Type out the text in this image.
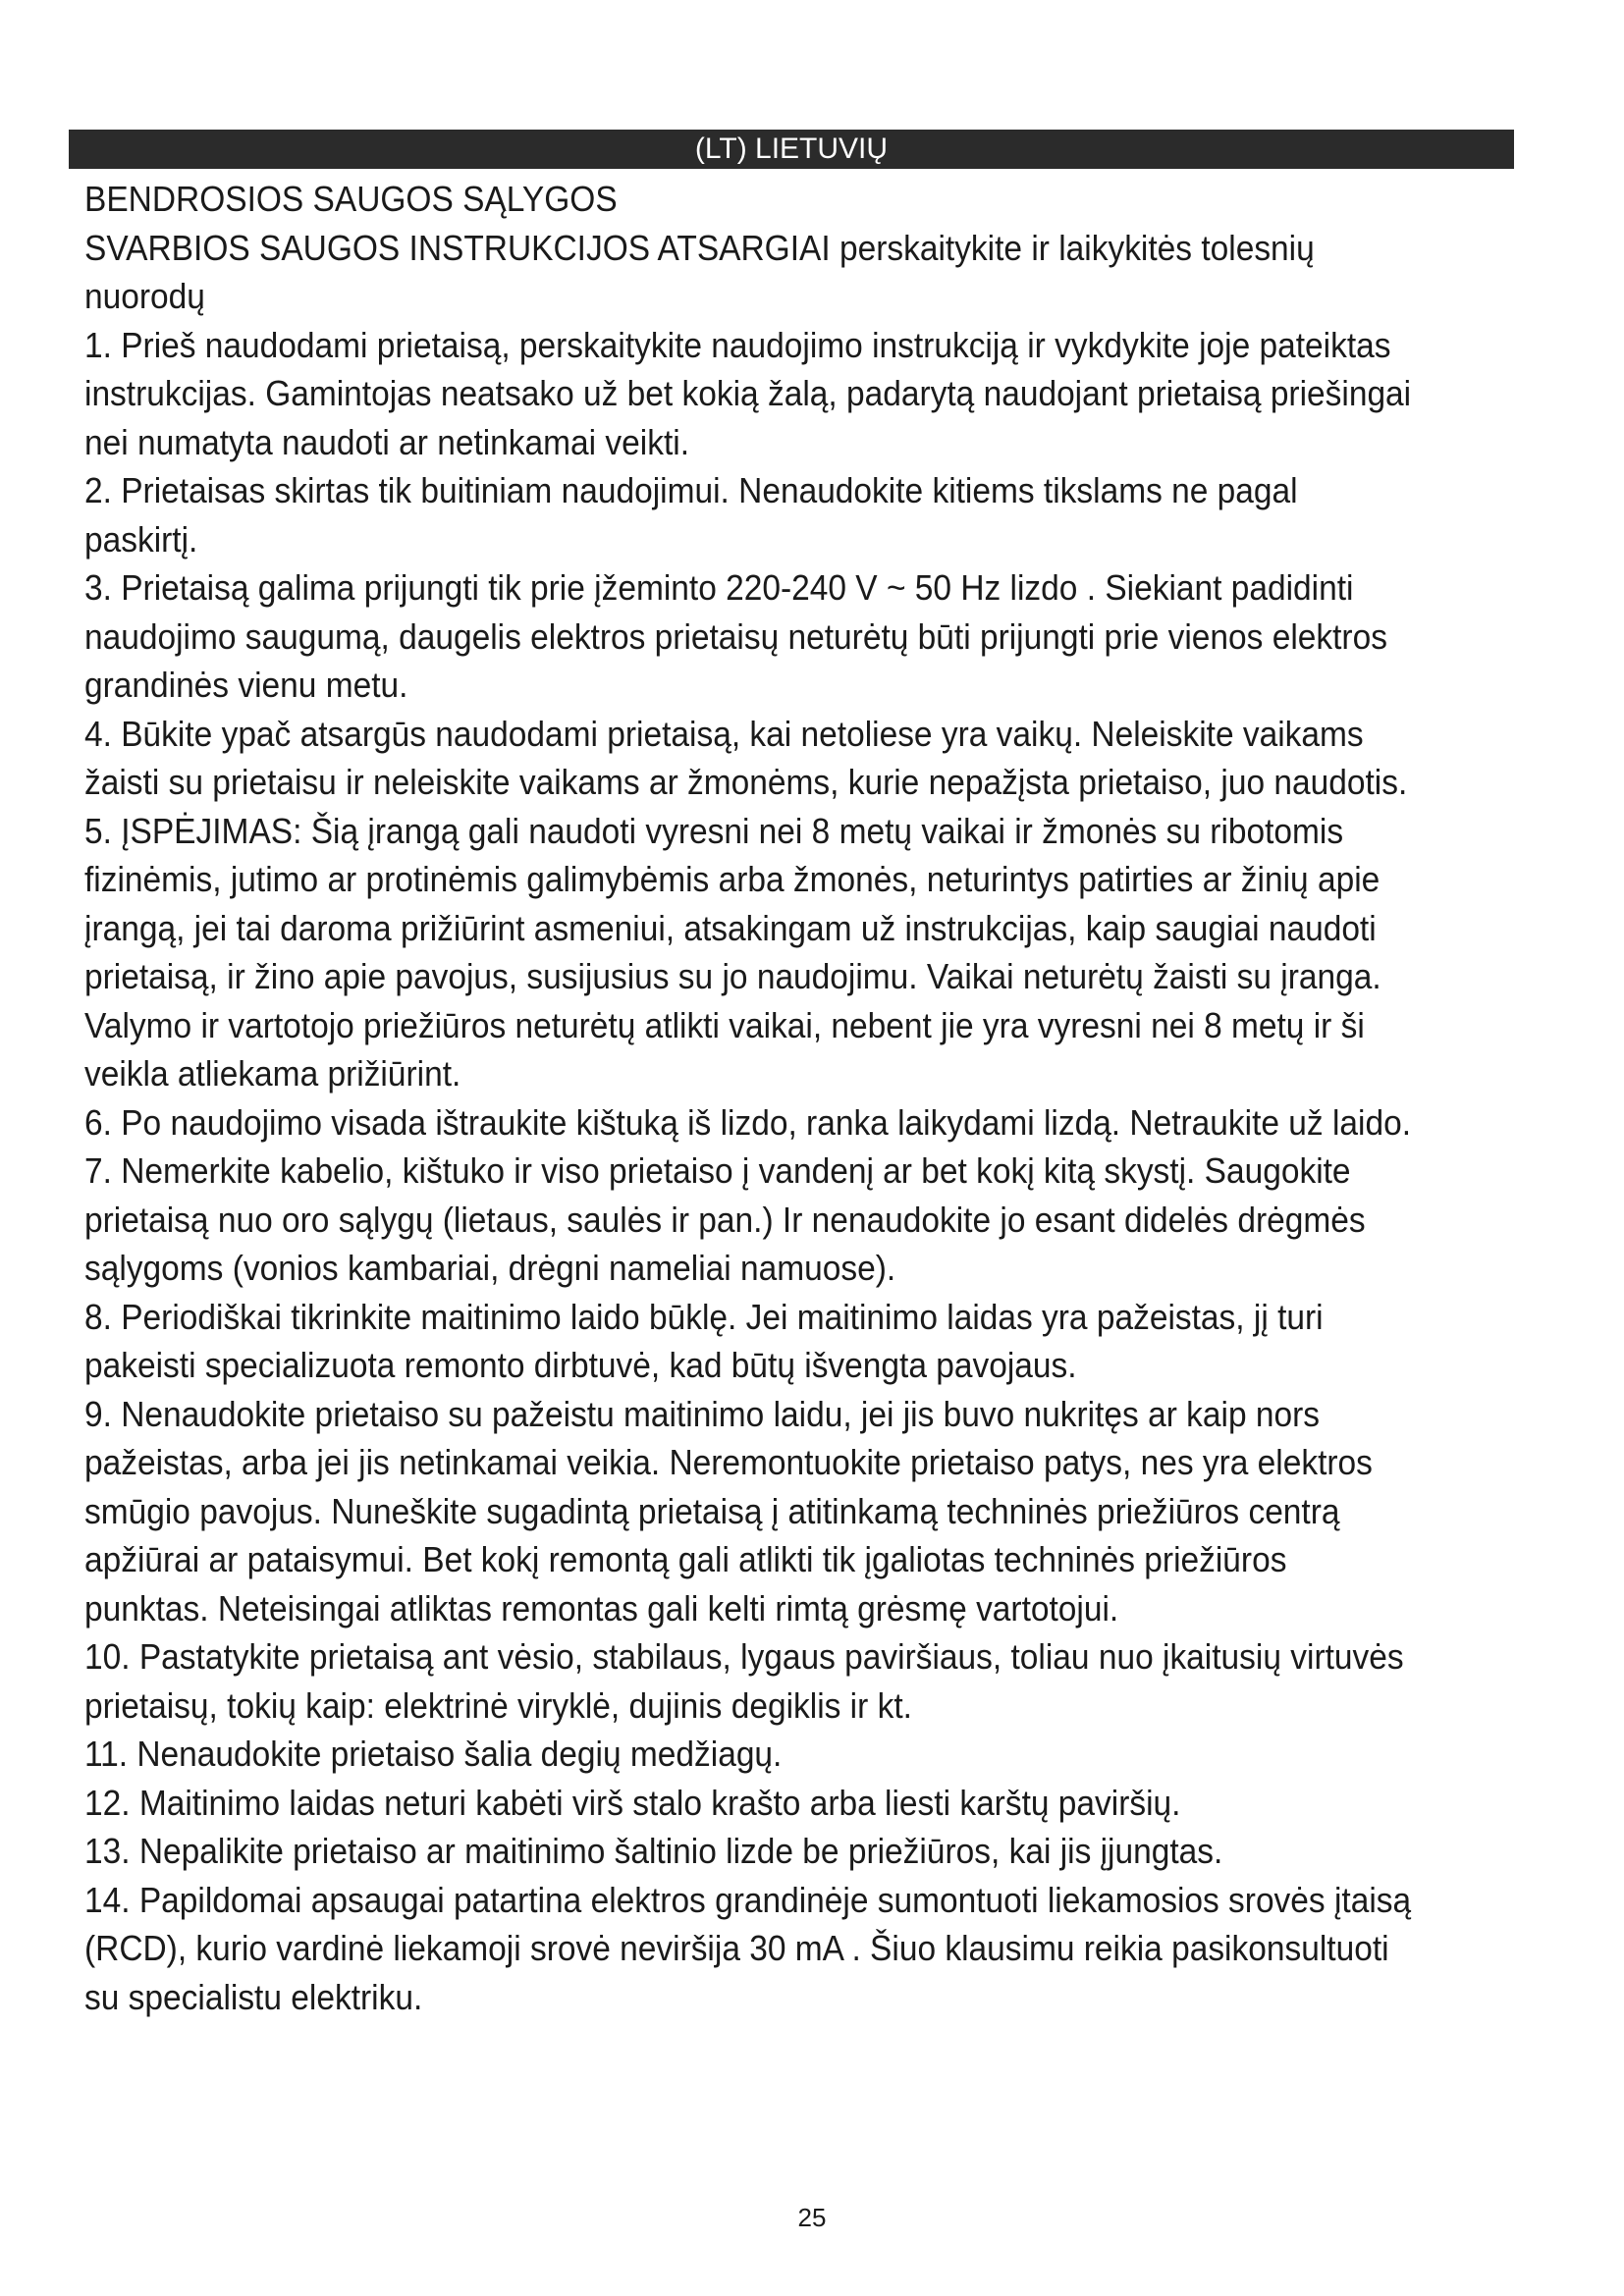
(LT) LIETUVIŲ

BENDROSIOS SAUGOS SĄLYGOS

SVARBIOS SAUGOS INSTRUKCIJOS ATSARGIAI perskaitykite ir laikykitės tolesnių nuorodų

1. Prieš naudodami prietaisą, perskaitykite naudojimo instrukciją ir vykdykite joje pateiktas instrukcijas. Gamintojas neatsako už bet kokią žalą, padarytą naudojant prietaisą priešingai nei numatyta naudoti ar netinkamai veikti.

2. Prietaisas skirtas tik buitiniam naudojimui. Nenaudokite kitiems tikslams ne pagal paskirtį.

3. Prietaisą galima prijungti tik prie įžeminto 220-240 V ~ 50 Hz lizdo . Siekiant padidinti naudojimo saugumą, daugelis elektros prietaisų neturėtų būti prijungti prie vienos elektros grandinės vienu metu.

4. Būkite ypač atsargūs naudodami prietaisą, kai netoliese yra vaikų. Neleiskite vaikams žaisti su prietaisu ir neleiskite vaikams ar žmonėms, kurie nepažįsta prietaiso, juo naudotis.

5. ĮSPĖJIMAS: Šią įrangą gali naudoti vyresni nei 8 metų vaikai ir žmonės su ribotomis fizinėmis, jutimo ar protinėmis galimybėmis arba žmonės, neturintys patirties ar žinių apie įrangą, jei tai daroma prižiūrint asmeniui, atsakingam už instrukcijas, kaip saugiai naudoti prietaisą, ir žino apie pavojus, susijusius su jo naudojimu. Vaikai neturėtų žaisti su įranga. Valymo ir vartotojo priežiūros neturėtų atlikti vaikai, nebent jie yra vyresni nei 8 metų ir ši veikla atliekama prižiūrint.

6. Po naudojimo visada ištraukite kištuką iš lizdo, ranka laikydami lizdą. Netraukite už laido.

7. Nemerkite kabelio, kištuko ir viso prietaiso į vandenį ar bet kokį kitą skystį. Saugokite prietaisą nuo oro sąlygų (lietaus, saulės ir pan.) Ir nenaudokite jo esant didelės drėgmės sąlygoms (vonios kambariai, drėgni nameliai namuose).

8. Periodiškai tikrinkite maitinimo laido būklę. Jei maitinimo laidas yra pažeistas, jį turi pakeisti specializuota remonto dirbtuvė, kad būtų išvengta pavojaus.

9. Nenaudokite prietaiso su pažeistu maitinimo laidu, jei jis buvo nukritęs ar kaip nors pažeistas, arba jei jis netinkamai veikia. Neremontuokite prietaiso patys, nes yra elektros smūgio pavojus. Nuneškite sugadintą prietaisą į atitinkamą techninės priežiūros centrą apžiūrai ar pataisymui. Bet kokį remontą gali atlikti tik įgaliotas techninės priežiūros punktas. Neteisingai atliktas remontas gali kelti rimtą grėsmę vartotojui.

10. Pastatykite prietaisą ant vėsio, stabilaus, lygaus paviršiaus, toliau nuo įkaitusių virtuvės prietaisų, tokių kaip: elektrinė viryklė, dujinis degiklis ir kt.

11. Nenaudokite prietaiso šalia degių medžiagų.

12. Maitinimo laidas neturi kabėti virš stalo krašto arba liesti karštų paviršių.

13. Nepalikite prietaiso ar maitinimo šaltinio lizde be priežiūros, kai jis įjungtas.

14. Papildomai apsaugai patartina elektros grandinėje sumontuoti liekamosios srovės įtaisą (RCD), kurio vardinė liekamoji srovė neviršija 30 mA . Šiuo klausimu reikia pasikonsultuoti su specialistu elektriku.

25
